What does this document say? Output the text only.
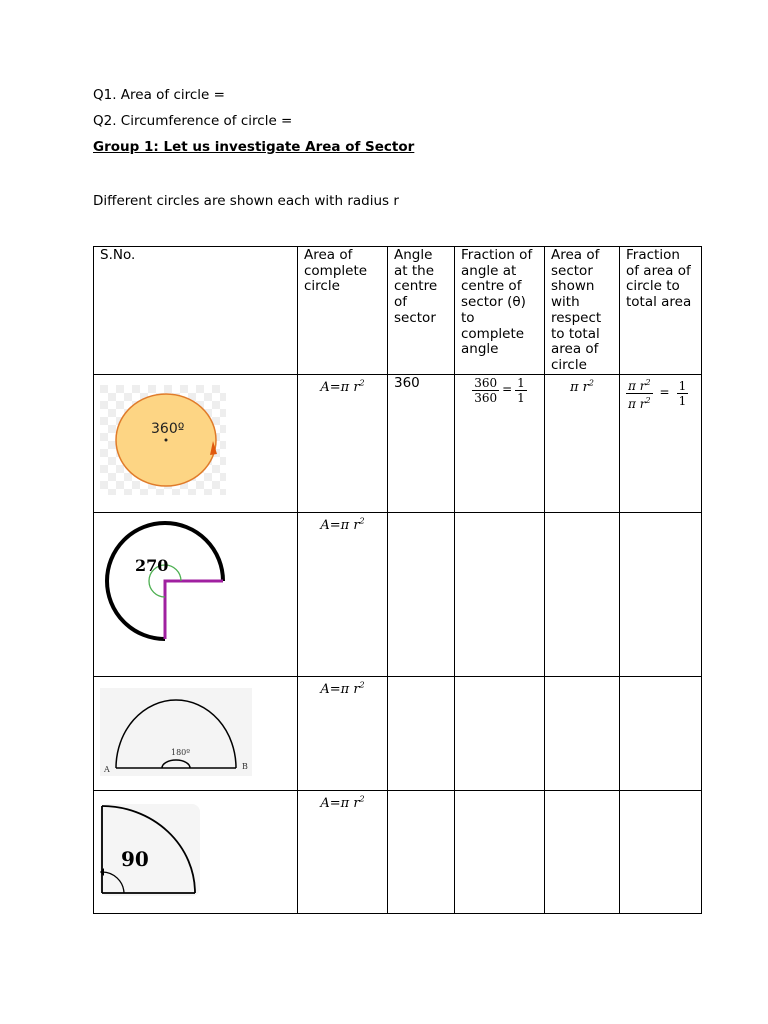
Q1. Area of circle =
Q2. Circumference of circle =
Group 1: Let us investigate Area of Sector
Different circles are shown each with radius r
S.No.	Area of complete circle	Angle at the centre of sector	Fraction of angle at centre of sector (θ) to complete angle	Area of sector shown with respect to total area of circle	Fraction of area of circle to total area
	A=π $r^2$	360	$\frac{360}{360} = \frac{1}{1}$	π $r^2$	$\frac{\pi r^2}{\pi r^2} = \frac{1}{1}$

	A=π $r^2$				
	A=π $r^2$				
	A=π $r^2$				
360º
270
180º
A	B
90
